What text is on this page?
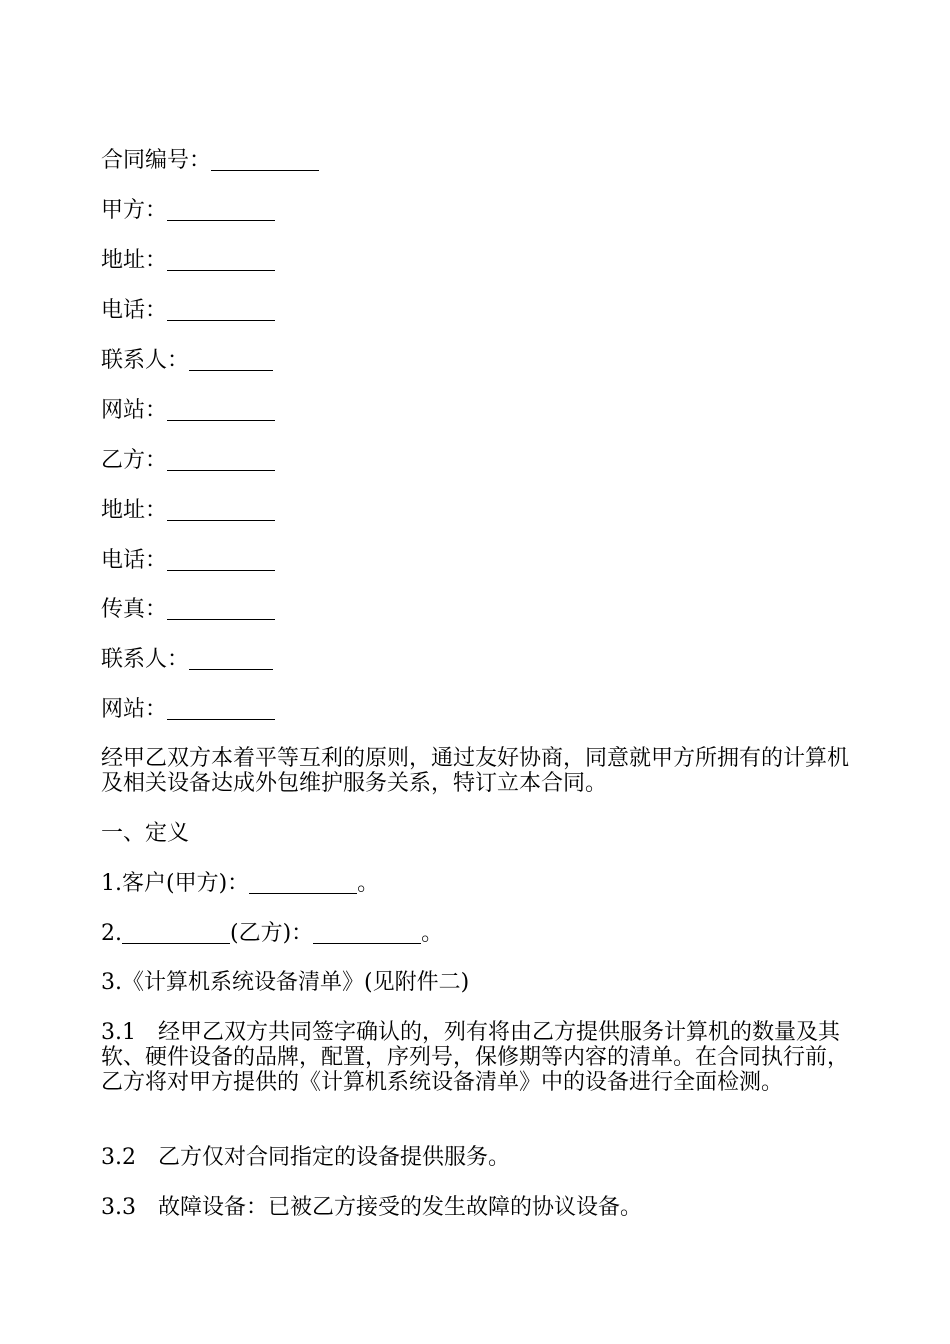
合同编号：
甲方：
地址：
电话：
联系人：
网站：
乙方：
地址：
电话：
传真：
联系人：
网站：
经甲乙双方本着平等互利的原则，通过友好协商，同意就甲方所拥有的计算机及相关设备达成外包维护服务关系，特订立本合同。
一、定义
1.客户(甲方)：	。
2.	(乙方)：	。
3.《计算机系统设备清单》(见附件二)
3.1 经甲乙双方共同签字确认的，列有将由乙方提供服务计算机的数量及其软、硬件设备的品牌，配置，序列号，保修期等内容的清单。在合同执行前，乙方将对甲方提供的《计算机系统设备清单》中的设备进行全面检测。
3.2 乙方仅对合同指定的设备提供服务。
3.3 故障设备：已被乙方接受的发生故障的协议设备。
